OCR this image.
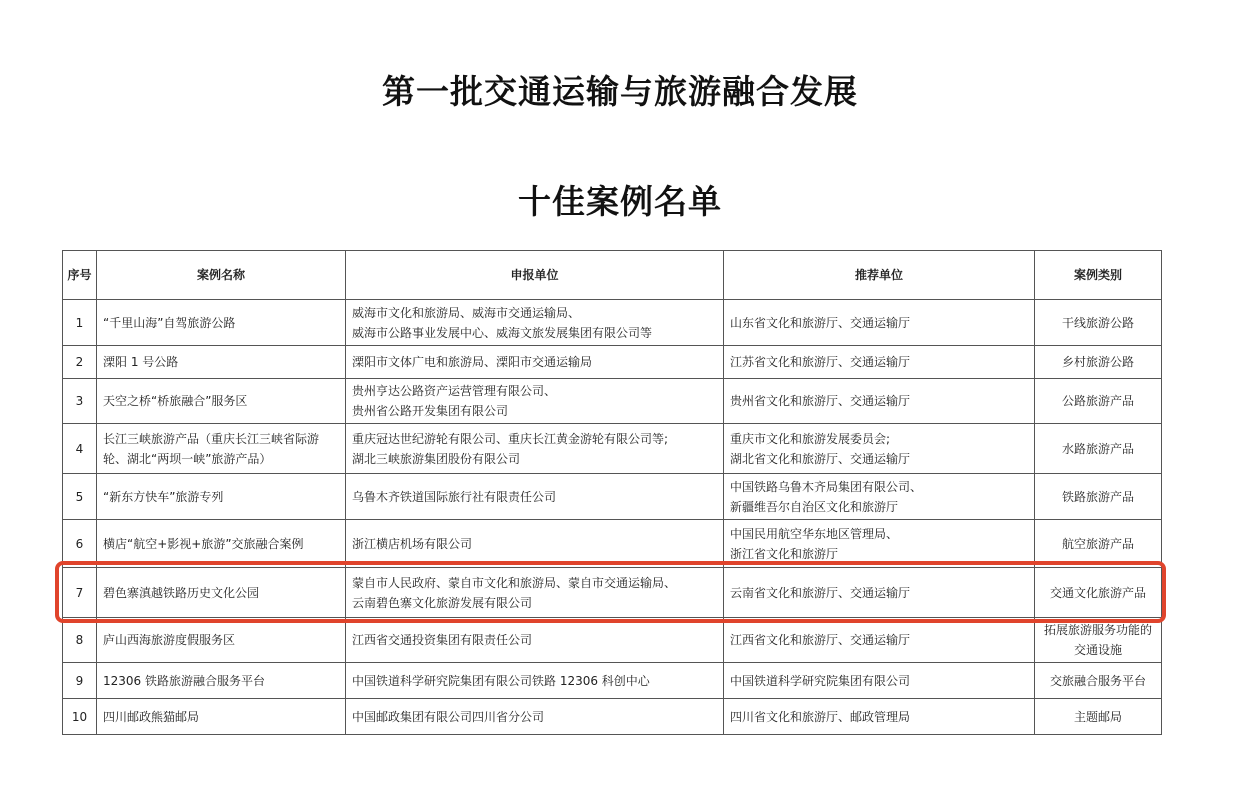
第一批交通运输与旅游融合发展
十佳案例名单
序号	案例名称	申报单位	推荐单位	案例类别
1	“千里山海”自驾旅游公路	威海市文化和旅游局、威海市交通运输局、
威海市公路事业发展中心、威海文旅发展集团有限公司等	山东省文化和旅游厅、交通运输厅	干线旅游公路
2	溧阳 1 号公路	溧阳市文体广电和旅游局、溧阳市交通运输局	江苏省文化和旅游厅、交通运输厅	乡村旅游公路
3	天空之桥“桥旅融合”服务区	贵州亨达公路资产运营管理有限公司、
贵州省公路开发集团有限公司	贵州省文化和旅游厅、交通运输厅	公路旅游产品
4	长江三峡旅游产品（重庆长江三峡省际游轮、湖北“两坝一峡”旅游产品）	重庆冠达世纪游轮有限公司、重庆长江黄金游轮有限公司等;
湖北三峡旅游集团股份有限公司	重庆市文化和旅游发展委员会;
湖北省文化和旅游厅、交通运输厅	水路旅游产品
5	“新东方快车”旅游专列	乌鲁木齐铁道国际旅行社有限责任公司	中国铁路乌鲁木齐局集团有限公司、
新疆维吾尔自治区文化和旅游厅	铁路旅游产品
6	横店“航空+影视+旅游”交旅融合案例	浙江横店机场有限公司	中国民用航空华东地区管理局、
浙江省文化和旅游厅	航空旅游产品
7	碧色寨滇越铁路历史文化公园	蒙自市人民政府、蒙自市文化和旅游局、蒙自市交通运输局、
云南碧色寨文化旅游发展有限公司	云南省文化和旅游厅、交通运输厅	交通文化旅游产品
8	庐山西海旅游度假服务区	江西省交通投资集团有限责任公司	江西省文化和旅游厅、交通运输厅	拓展旅游服务功能的交通设施
9	12306 铁路旅游融合服务平台	中国铁道科学研究院集团有限公司铁路 12306 科创中心	中国铁道科学研究院集团有限公司	交旅融合服务平台
10	四川邮政熊猫邮局	中国邮政集团有限公司四川省分公司	四川省文化和旅游厅、邮政管理局	主题邮局
